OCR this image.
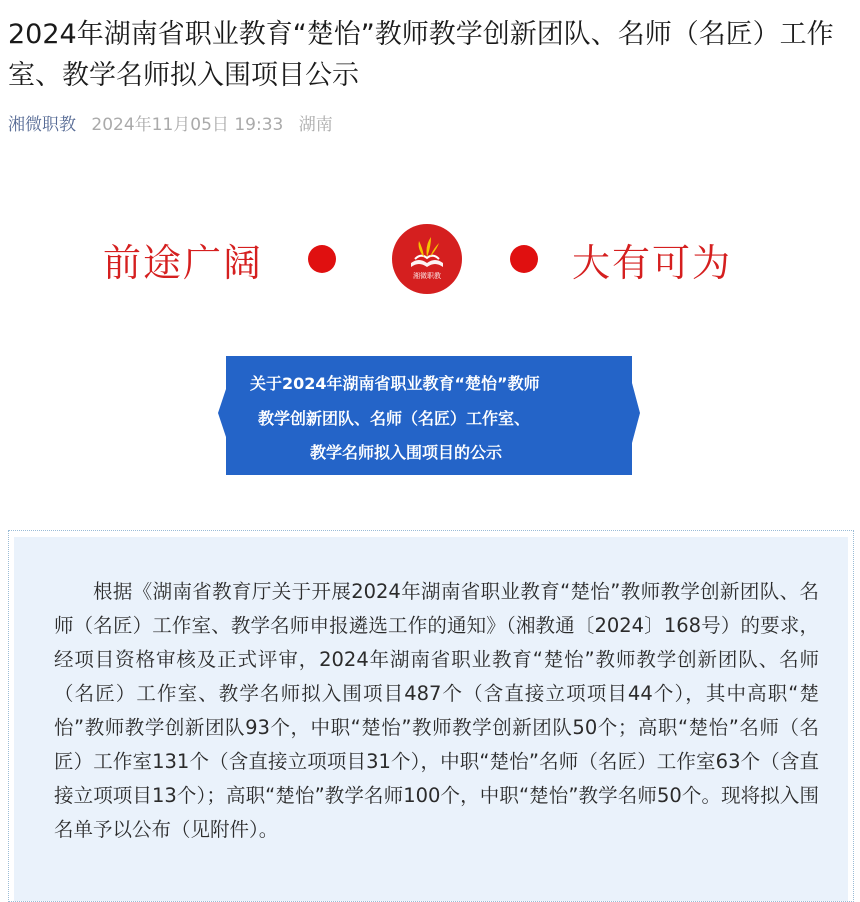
2024年湖南省职业教育“楚怡”教师教学创新团队、名师（名匠）工作室、教学名师拟入围项目公示
湘微职教 2024年11月05日 19:33 湖南
前途广阔	湘微职教	大有可为
关于2024年湖南省职业教育“楚怡”教师
教学创新团队、名师（名匠）工作室、
教学名师拟入围项目的公示

根据《湖南省教育厅关于开展2024年湖南省职业教育“楚怡”教师教学创新团队、名师（名匠）工作室、教学名师申报遴选工作的通知》（湘教通〔2024〕168号）的要求，经项目资格审核及正式评审，2024年湖南省职业教育“楚怡”教师教学创新团队、名师（名匠）工作室、教学名师拟入围项目487个（含直接立项项目44个），其中高职“楚怡”教师教学创新团队93个，中职“楚怡”教师教学创新团队50个；高职“楚怡”名师（名匠）工作室131个（含直接立项项目31个），中职“楚怡”名师（名匠）工作室63个（含直接立项项目13个）；高职“楚怡”教学名师100个，中职“楚怡”教学名师50个。现将拟入围名单予以公布（见附件）。
